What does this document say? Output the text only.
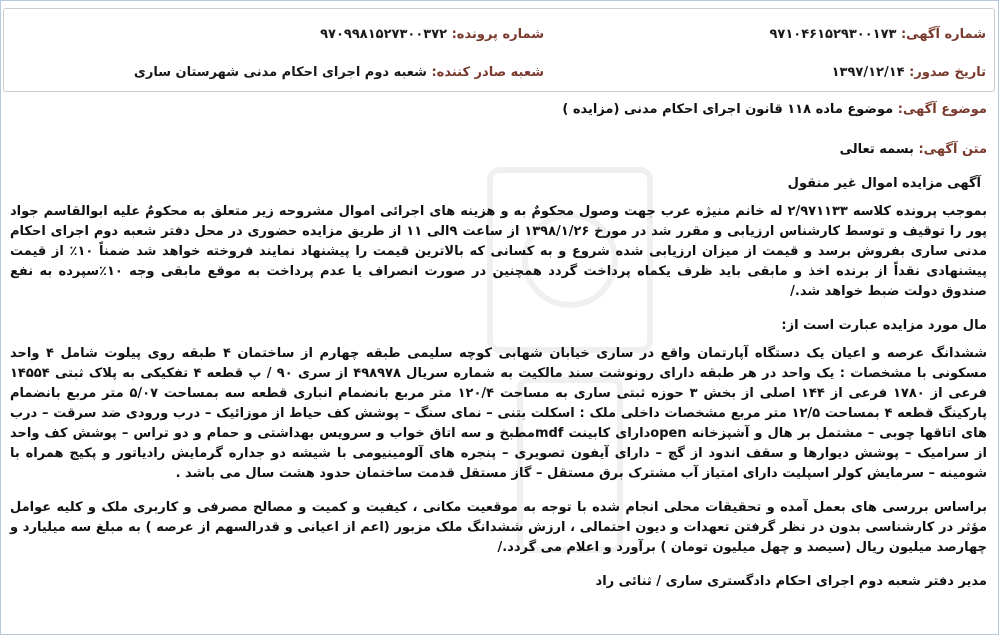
شماره آگهی: ۹۷۱۰۴۶۱۵۲۹۳۰۰۱۷۳
شماره پرونده: ۹۷۰۹۹۸۱۵۲۷۳۰۰۳۷۲
تاریخ صدور: ۱۳۹۷/۱۲/۱۴
شعبه صادر کننده: شعبه دوم اجرای احکام مدنی شهرستان ساری

موضوع آگهی: موضوع ماده ۱۱۸ قانون اجرای احکام مدنی (مزایده )

متن آگهی: بسمه تعالی

آگهی مزایده اموال غیر منقول

بموجب پرونده کلاسه ۲/۹۷۱۱۳۳ له خانم منیژه عرب جهت وصول محکومٌ به و هزینه های اجرائی اموال مشروحه زیر متعلق به محکومٌ علیه ابوالقاسم جواد پور را توقیف و توسط کارشناس ارزیابی و مقرر شد در مورخ ۱۳۹۸/۱/۲۶ از ساعت ۹الی ۱۱ از طریق مزایده حضوری در محل دفتر شعبه دوم اجرای احکام مدنی ساری بفروش برسد و قیمت از میزان ارزیابی شده شروع و به کسانی که بالاترین قیمت را پیشنهاد نمایند فروخته خواهد شد ضمناً ۱۰٪ از قیمت پیشنهادی نقداً از برنده اخذ و مابقی باید ظرف یکماه پرداخت گردد همچنین در صورت انصراف یا عدم پرداخت به موقع مابقی وجه ۱۰٪سپرده به نفع صندوق دولت ضبط خواهد شد./

مال مورد مزایده عبارت است از:

ششدانگ عرصه و اعیان یک دستگاه آپارتمان واقع در ساری خیابان شهابی کوچه سلیمی طبقه چهارم از ساختمان ۴ طبقه روی پیلوت شامل ۴ واحد مسکونی با مشخصات : یک واحد در هر طبقه دارای رونوشت سند مالکیت به شماره سریال ۴۹۸۹۷۸ از سری ۹۰ / پ قطعه ۴ تفکیکی به پلاک ثبتی ۱۴۵۵۴ فرعی از ۱۷۸۰ فرعی از ۱۴۴ اصلی از بخش ۳ حوزه ثبتی ساری به مساحت ۱۲۰/۴ متر مربع بانضمام انباری قطعه سه بمساحت ۵/۰۷ متر مربع بانضمام پارکینگ قطعه ۴ بمساحت ۱۲/۵ متر مربع مشخصات داخلی ملک : اسکلت بتنی – نمای سنگ – پوشش کف حیاط از موزائیک – درب ورودی ضد سرقت – درب های اتاقها چوبی – مشتمل بر هال و آشپزخانه openدارای کابینت mdfمطبخ و سه اتاق خواب و سرویس بهداشتی و حمام و دو تراس – پوشش کف واحد از سرامیک – پوشش دیوارها و سقف اندود از گچ – دارای آیفون تصویری – پنجره های آلومینیومی با شیشه دو جداره گرمایش رادیاتور و پکیج همراه با شومینه – سرمایش کولر اسپلیت دارای امتیاز آب مشترک برق مستقل – گاز مستقل قدمت ساختمان حدود هشت سال می باشد .

براساس بررسی های بعمل آمده و تحقیقات محلی انجام شده با توجه به موقعیت مکانی ، کیفیت و کمیت و مصالح مصرفی و کاربری ملک و کلیه عوامل مؤثر در کارشناسی بدون در نظر گرفتن تعهدات و دیون احتمالی ، ارزش ششدانگ ملک مزبور (اعم از اعیانی و قدرالسهم از عرصه ) به مبلغ سه میلیارد و چهارصد میلیون ریال (سیصد و چهل میلیون تومان ) برآورد و اعلام می گردد./

مدیر دفتر شعبه دوم اجرای احکام دادگستری ساری / ثنائی راد
